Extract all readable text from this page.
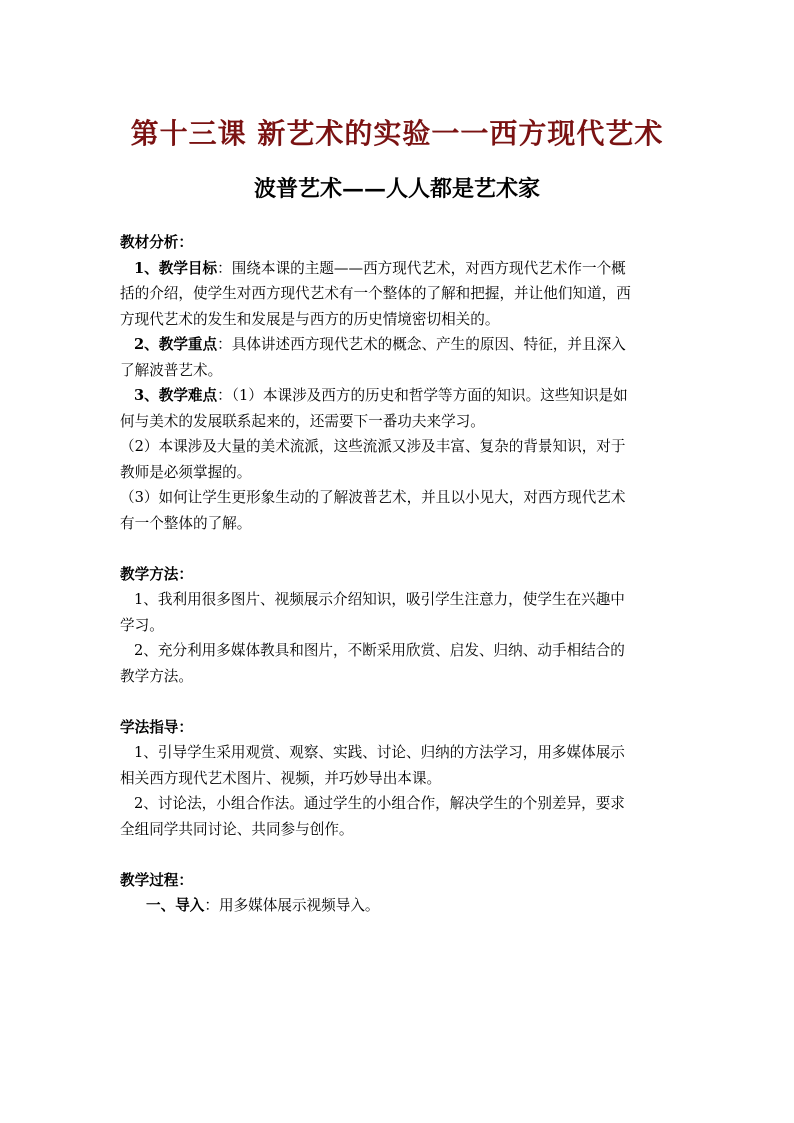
第十三课 新艺术的实验一一西方现代艺术
波普艺术——人人都是艺术家

教材分析：

1、教学目标：围绕本课的主题——西方现代艺术，对西方现代艺术作一个概

括的介绍，使学生对西方现代艺术有一个整体的了解和把握，并让他们知道，西

方现代艺术的发生和发展是与西方的历史情境密切相关的。

2、教学重点：具体讲述西方现代艺术的概念、产生的原因、特征，并且深入

了解波普艺术。

3、教学难点：（1）本课涉及西方的历史和哲学等方面的知识。这些知识是如

何与美术的发展联系起来的，还需要下一番功夫来学习。

（2）本课涉及大量的美术流派，这些流派又涉及丰富、复杂的背景知识，对于

教师是必须掌握的。

（3）如何让学生更形象生动的了解波普艺术，并且以小见大，对西方现代艺术

有一个整体的了解。

教学方法：

1、我利用很多图片、视频展示介绍知识，吸引学生注意力，使学生在兴趣中

学习。

2、充分利用多媒体教具和图片，不断采用欣赏、启发、归纳、动手相结合的

教学方法。

学法指导：

1、引导学生采用观赏、观察、实践、讨论、归纳的方法学习，用多媒体展示

相关西方现代艺术图片、视频，并巧妙导出本课。

2、讨论法，小组合作法。通过学生的小组合作，解决学生的个别差异，要求

全组同学共同讨论、共同参与创作。

教学过程：

一、导入：用多媒体展示视频导入。
